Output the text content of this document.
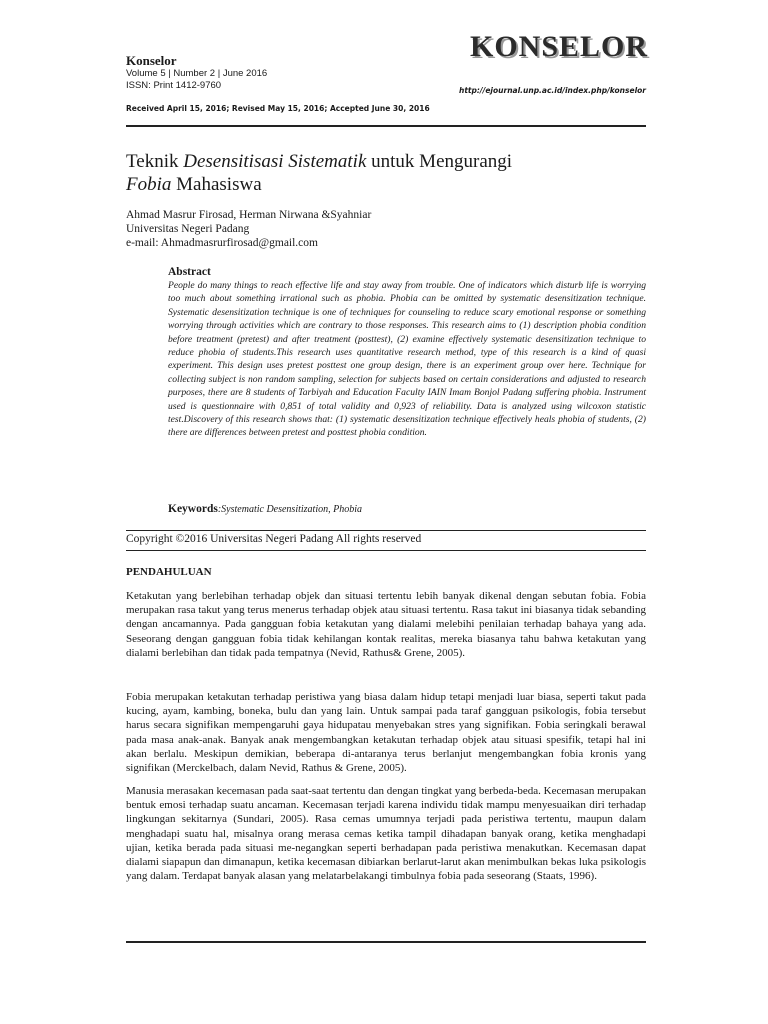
Konselor
Volume 5 | Number 2 | June 2016
ISSN: Print 1412-9760
KONSELOR
http://ejournal.unp.ac.id/index.php/konselor
Received April 15, 2016; Revised May 15, 2016; Accepted June 30, 2016
Teknik Desensitisasi Sistematik untuk Mengurangi
Fobia Mahasiswa
Ahmad Masrur Firosad, Herman Nirwana &Syahniar
Universitas Negeri Padang
e-mail: Ahmadmasrurfirosad@gmail.com
Abstract

People do many things to reach effective life and stay away from trouble. One of indicators which disturb life is worrying too much about something irrational such as phobia. Phobia can be omitted by systematic desensitization technique. Systematic desensitization technique is one of techniques for counseling to reduce scary emotional response or something worrying through activities which are contrary to those responses. This research aims to (1) description phobia condition before treatment (pretest) and after treatment (posttest), (2) examine effectively systematic desensitization technique to reduce phobia of students.This research uses quantitative research method, type of this research is a kind of quasi experiment. This design uses pretest posttest one group design, there is an experiment group over here. Technique for collecting subject is non random sampling, selection for subjects based on certain considerations and adjusted to research purposes, there are 8 students of Tarbiyah and Education Faculty IAIN Imam Bonjol Padang suffering phobia. Instrument used is questionnaire with 0,851 of total validity and 0,923 of reliability. Data is analyzed using wilcoxon statistic test.Discovery of this research shows that: (1) systematic desensitization technique effectively heals phobia of students, (2) there are differences between pretest and posttest phobia condition.

Keywords:Systematic Desensitization, Phobia
Copyright ©2016 Universitas Negeri Padang All rights reserved
PENDAHULUAN

Ketakutan yang berlebihan terhadap objek dan situasi tertentu lebih banyak dikenal dengan sebutan fobia. Fobia merupakan rasa takut yang terus menerus terhadap objek atau situasi tertentu. Rasa takut ini biasanya tidak sebanding dengan ancamannya. Pada gangguan fobia ketakutan yang dialami melebihi penilaian terhadap bahaya yang ada. Seseorang dengan gangguan fobia tidak kehilangan kontak realitas, mereka biasanya tahu bahwa ketakutan yang dialami berlebihan dan tidak pada tempatnya (Nevid, Rathus& Grene, 2005).

Fobia merupakan ketakutan terhadap peristiwa yang biasa dalam hidup tetapi menjadi luar biasa, seperti takut pada kucing, ayam, kambing, boneka, bulu dan yang lain. Untuk sampai pada taraf gangguan psikologis, fobia tersebut harus secara signifikan mempengaruhi gaya hidupatau menyebakan stres yang signifikan. Fobia seringkali berawal pada masa anak-anak. Banyak anak mengembangkan ketakutan terhadap objek atau situasi spesifik, tetapi hal ini akan berlalu. Meskipun demikian, beberapa di-antaranya terus berlanjut mengembangkan fobia kronis yang signifikan (Merckelbach, dalam Nevid, Rathus & Grene, 2005).

Manusia merasakan kecemasan pada saat-saat tertentu dan dengan tingkat yang berbeda-beda. Kecemasan merupakan bentuk emosi terhadap suatu ancaman. Kecemasan terjadi karena individu tidak mampu menyesuaikan diri terhadap lingkungan sekitarnya (Sundari, 2005). Rasa cemas umumnya terjadi pada peristiwa tertentu, maupun dalam menghadapi suatu hal, misalnya orang merasa cemas ketika tampil dihadapan banyak orang, ketika menghadapi ujian, ketika berada pada situasi me-negangkan seperti berhadapan pada peristiwa menakutkan. Kecemasan dapat dialami siapapun dan dimanapun, ketika kecemasan dibiarkan berlarut-larut akan menimbulkan bekas luka psikologis yang dalam. Terdapat banyak alasan yang melatarbelakangi timbulnya fobia pada seseorang (Staats, 1996).
